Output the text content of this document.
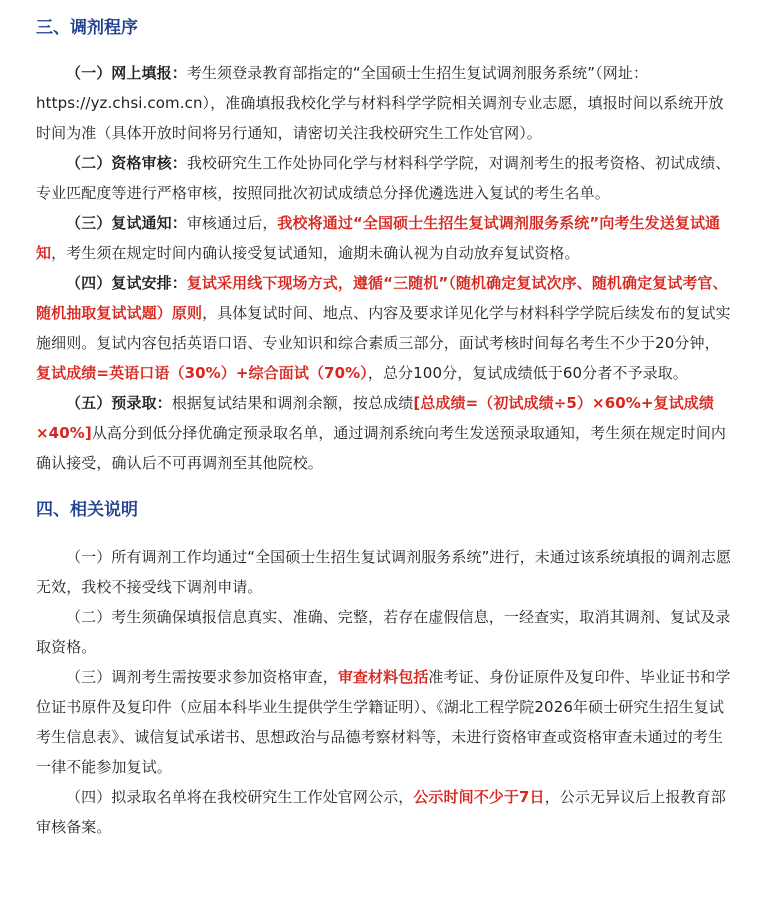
三、调剂程序

（一）网上填报：考生须登录教育部指定的“全国硕士生招生复试调剂服务系统”（网址：https://yz.chsi.com.cn），准确填报我校化学与材料科学学院相关调剂专业志愿，填报时间以系统开放时间为准（具体开放时间将另行通知，请密切关注我校研究生工作处官网）。

（二）资格审核：我校研究生工作处协同化学与材料科学学院，对调剂考生的报考资格、初试成绩、专业匹配度等进行严格审核，按照同批次初试成绩总分择优遴选进入复试的考生名单。

（三）复试通知：审核通过后，我校将通过“全国硕士生招生复试调剂服务系统”向考生发送复试通知，考生须在规定时间内确认接受复试通知，逾期未确认视为自动放弃复试资格。

（四）复试安排：复试采用线下现场方式，遵循“三随机”（随机确定复试次序、随机确定复试考官、随机抽取复试试题）原则，具体复试时间、地点、内容及要求详见化学与材料科学学院后续发布的复试实施细则。复试内容包括英语口语、专业知识和综合素质三部分，面试考核时间每名考生不少于20分钟，复试成绩=英语口语（30%）+综合面试（70%），总分100分，复试成绩低于60分者不予录取。

（五）预录取：根据复试结果和调剂余额，按总成绩[总成绩=（初试成绩÷5）×60%+复试成绩×40%]从高分到低分择优确定预录取名单，通过调剂系统向考生发送预录取通知，考生须在规定时间内确认接受，确认后不可再调剂至其他院校。

四、相关说明

（一）所有调剂工作均通过“全国硕士生招生复试调剂服务系统”进行，未通过该系统填报的调剂志愿无效，我校不接受线下调剂申请。

（二）考生须确保填报信息真实、准确、完整，若存在虚假信息，一经查实，取消其调剂、复试及录取资格。

（三）调剂考生需按要求参加资格审查，审查材料包括准考证、身份证原件及复印件、毕业证书和学位证书原件及复印件（应届本科毕业生提供学生学籍证明）、《湖北工程学院2026年硕士研究生招生复试考生信息表》、诚信复试承诺书、思想政治与品德考察材料等，未进行资格审查或资格审查未通过的考生一律不能参加复试。

（四）拟录取名单将在我校研究生工作处官网公示，公示时间不少于7日，公示无异议后上报教育部审核备案。
